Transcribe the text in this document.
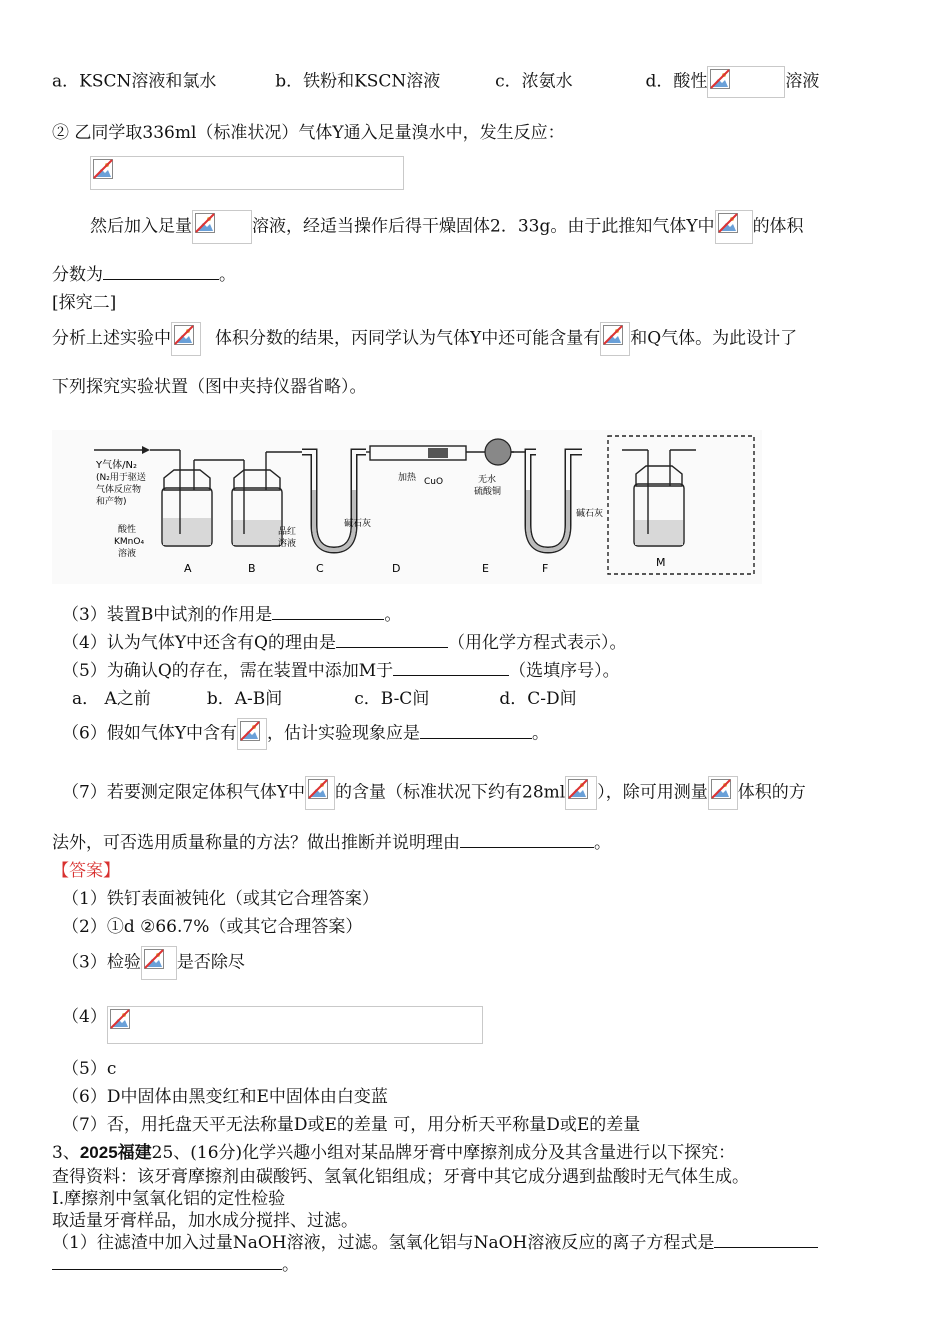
a．KSCN溶液和氯水	b．铁粉和KSCN溶液	c．浓氨水	d．酸性	溶液
② 乙同学取336ml（标准状况）气体Y通入足量溴水中，发生反应：
然后加入足量	溶液，经适当操作后得干燥固体2．33g。由于此推知气体Y中 的体积
分数为	。
[探究二]
分析上述实验中	体积分数的结果，丙同学认为气体Y中还可能含量有 和Q气体。为此设计了
下列探究实验状置（图中夹持仪器省略）。
Y气体/N₂
(N₂用于驱送
气体反应物
和产物)
酸性
KMnO₄
溶液
A
品红
溶液
B
碱石灰
C
加热 CuO
D
无水
硫酸铜
E
碱石灰
F	M
（3）装置B中试剂的作用是	。
（4）认为气体Y中还含有Q的理由是	（用化学方程式表示）。
（5）为确认Q的存在，需在装置中添加M于	（选填序号）。
a． A之前	b．A-B间	c．B-C间	d．C-D间
（6）假如气体Y中含有 ，估计实验现象应是	。
（7）若要测定限定体积气体Y中 的含量（标准状况下约有28ml ），除可用测量 体积的方
法外，可否选用质量称量的方法？做出推断并说明理由	。
【答案】
（1）铁钉表面被钝化（或其它合理答案）
（2）①d ②66.7%（或其它合理答案）
（3）检验 是否除尽
（4）
（5）c
（6）D中固体由黑变红和E中固体由白变蓝
（7）否，用托盘天平无法称量D或E的差量 可，用分析天平称量D或E的差量
3、2025福建25、(16分)化学兴趣小组对某品牌牙膏中摩擦剂成分及其含量进行以下探究：
查得资料：该牙膏摩擦剂由碳酸钙、氢氧化铝组成；牙膏中其它成分遇到盐酸时无气体生成。
I.摩擦剂中氢氧化铝的定性检验
取适量牙膏样品，加水成分搅拌、过滤。
（1）往滤渣中加入过量NaOH溶液，过滤。氢氧化铝与NaOH溶液反应的离子方程式是
。
